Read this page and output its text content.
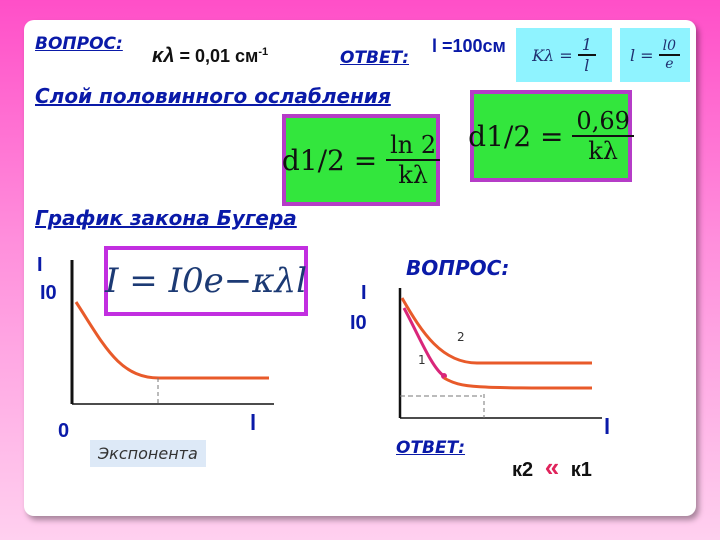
ВОПРОС:
κλ = 0,01 $см^{-1}$	ОТВЕТ:
l =100см Kλ =
$\frac{1}{l}$ l =
$\frac{l0}{e}$
Слой половинного ослабления
d1/2 =
$\frac{\ln 2}{k\lambda} d1/2$ =
$\frac{0,69}{k\lambda}$
График закона Бугера
I
I0 I = I0e−κλl
0	l
Экспонента
ВОПРОС:
I
I0
1
2
l
ОТВЕТ:
к2 « к1
